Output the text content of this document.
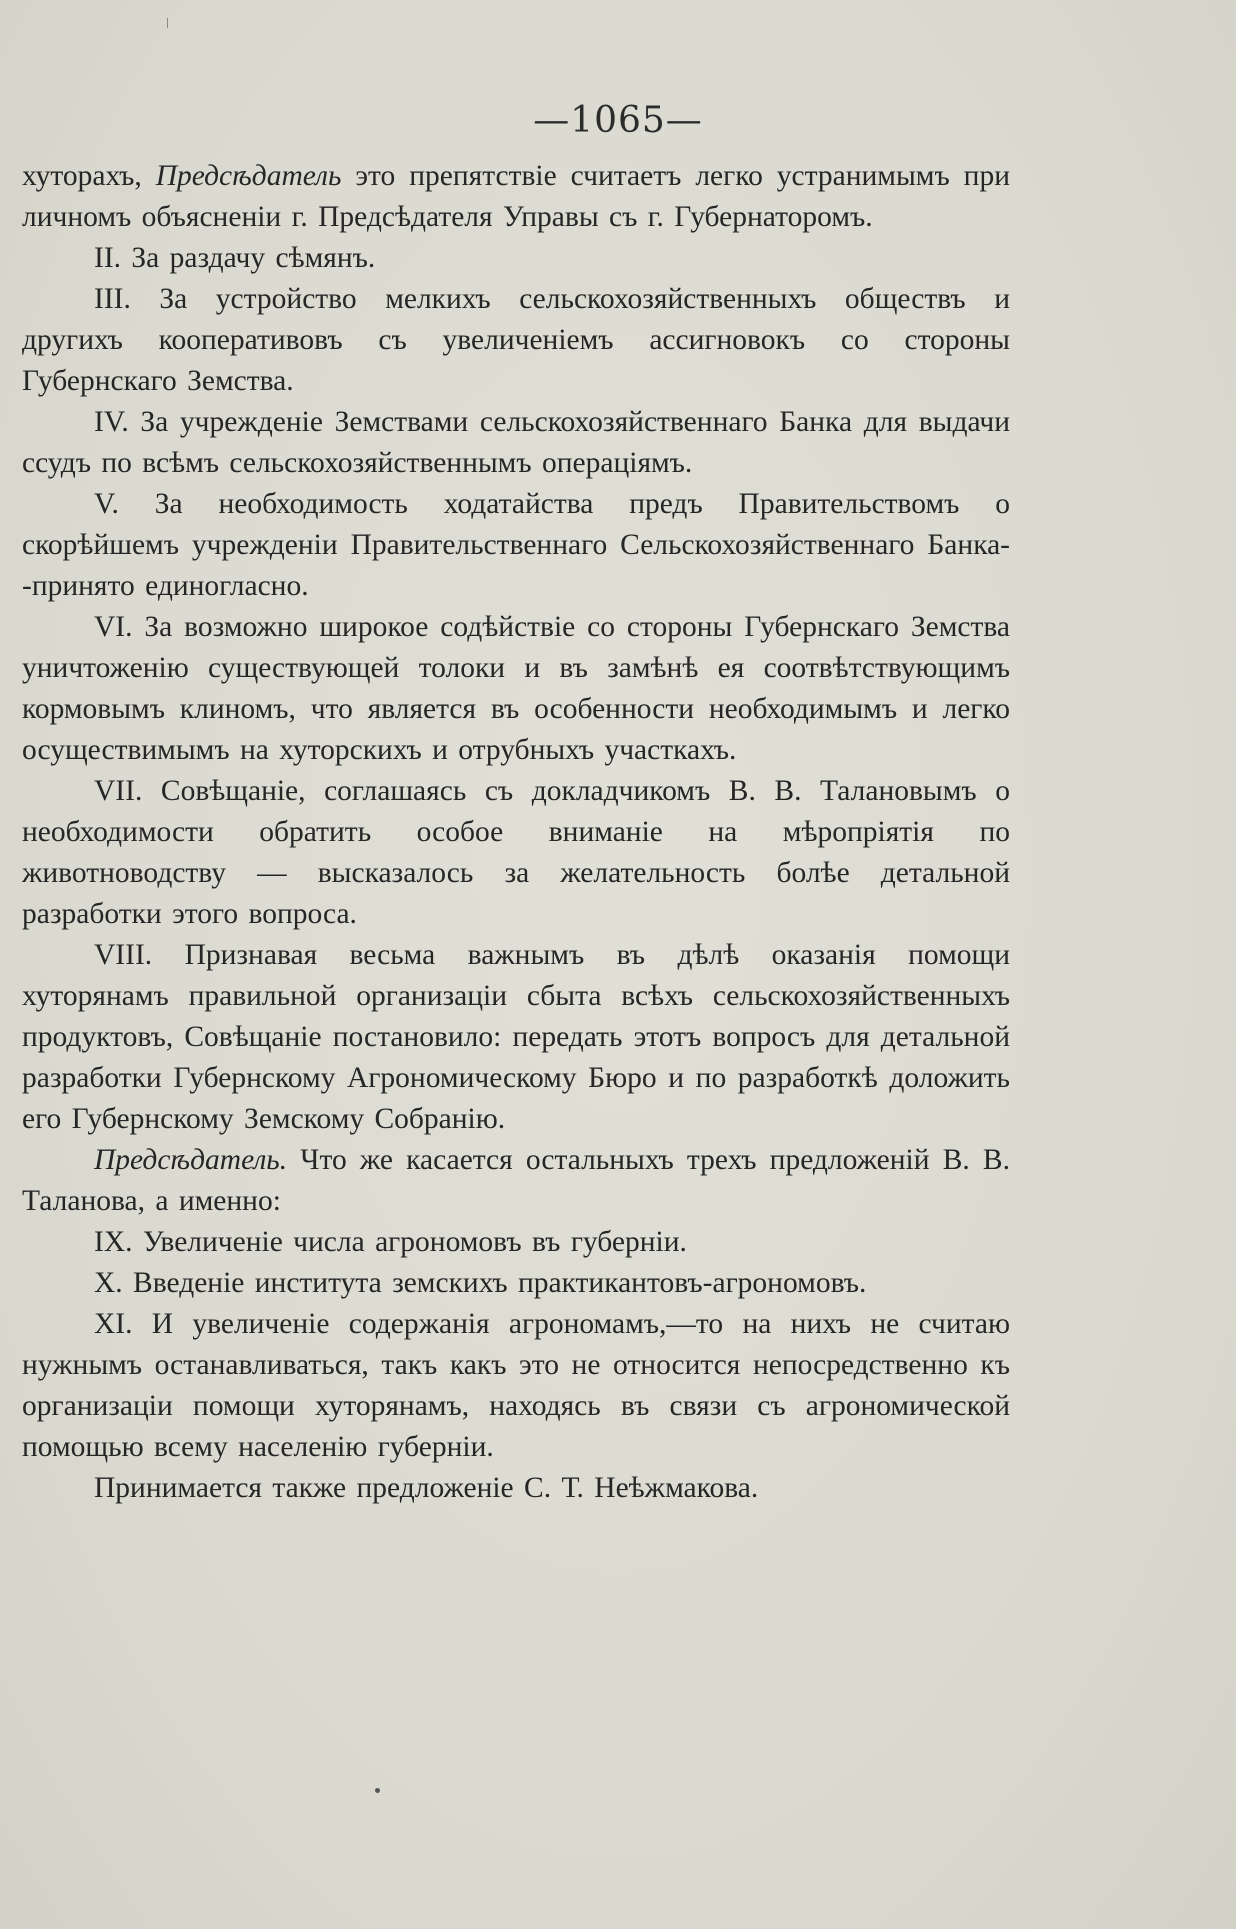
—1065—

хуторахъ, Предсѣдатель это препятствіе считаетъ легко устранимымъ при личномъ объясненіи г. Предсѣдателя Управы съ г. Губернаторомъ.

II. За раздачу сѣмянъ.

III. За устройство мелкихъ сельскохозяйственныхъ обществъ и другихъ кооперативовъ съ увеличеніемъ ассигновокъ со стороны Губернскаго Земства.

IV. За учрежденіе Земствами сельскохозяйственнаго Банка для выдачи ссудъ по всѣмъ сельскохозяйственнымъ операціямъ.

V. За необходимость ходатайства предъ Правительствомъ о скорѣйшемъ учрежденіи Правительственнаго Сельскохозяйственнаго Банка- -принято единогласно.

VI. За возможно широкое содѣйствіе со стороны Губернскаго Земства уничтоженію существующей толоки и въ замѣнѣ ея соотвѣтствующимъ кормовымъ клиномъ, что является въ особенности необходимымъ и легко осуществимымъ на хуторскихъ и отрубныхъ участкахъ.

VII. Совѣщаніе, соглашаясь съ докладчикомъ В. В. Талановымъ о необходимости обратить особое вниманіе на мѣропріятія по животноводству — высказалось за желательность болѣе детальной разработки этого вопроса.

VIII. Признавая весьма важнымъ въ дѣлѣ оказанія помощи хуторянамъ правильной организаціи сбыта всѣхъ сельскохозяйственныхъ продуктовъ, Совѣщаніе постановило: передать этотъ вопросъ для детальной разработки Губернскому Агрономическому Бюро и по разработкѣ доложить его Губернскому Земскому Собранію.

Предсѣдатель. Что же касается остальныхъ трехъ предложеній В. В. Таланова, а именно:

IX. Увеличеніе числа агрономовъ въ губерніи.

X. Введеніе института земскихъ практикантовъ-агрономовъ.

XI. И увеличеніе содержанія агрономамъ,—то на нихъ не считаю нужнымъ останавливаться, такъ какъ это не относится непосредственно къ организаціи помощи хуторянамъ, находясь въ связи съ агрономической помощью всему населенію губерніи.

Принимается также предложеніе С. Т. Неѣжмакова.
